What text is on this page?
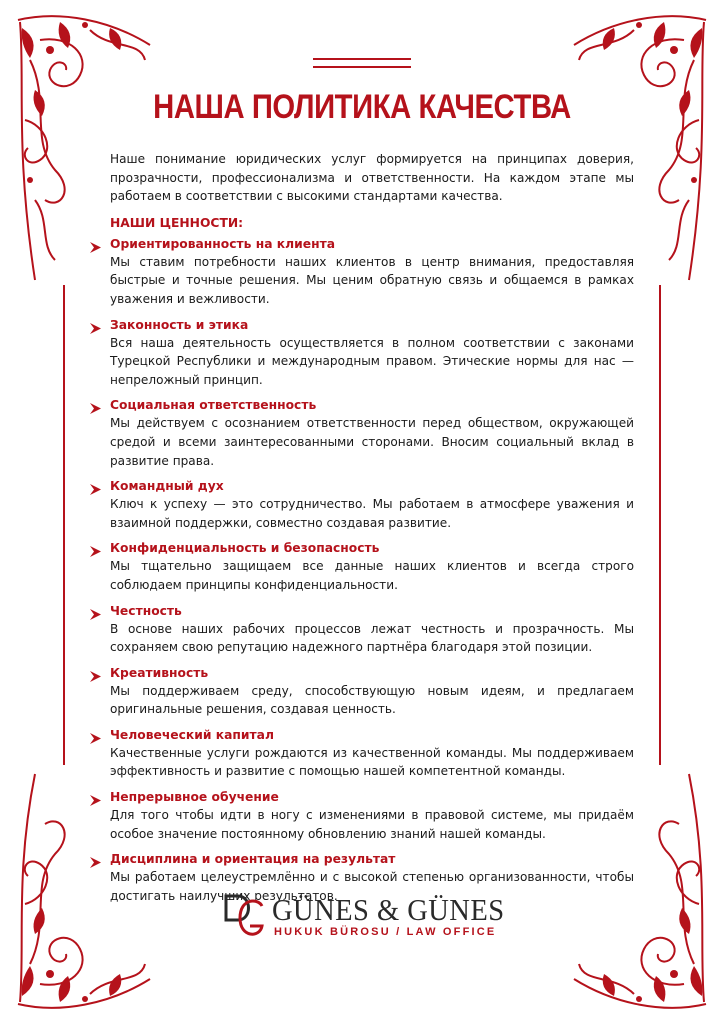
НАША ПОЛИТИКА КАЧЕСТВА

Наше понимание юридических услуг формируется на принципах доверия, прозрачности, профессионализма и ответственности. На каждом этапе мы работаем в соответствии с высокими стандартами качества.

НАШИ ЦЕННОСТИ:

Ориентированность на клиента

Мы ставим потребности наших клиентов в центр внимания, предоставляя быстрые и точные решения. Мы ценим обратную связь и общаемся в рамках уважения и вежливости.

Законность и этика

Вся наша деятельность осуществляется в полном соответствии с законами Турецкой Республики и международным правом. Этические нормы для нас — непреложный принцип.

Социальная ответственность

Мы действуем с осознанием ответственности перед обществом, окружающей средой и всеми заинтересованными сторонами. Вносим социальный вклад в развитие права.

Командный дух

Ключ к успеху — это сотрудничество. Мы работаем в атмосфере уважения и взаимной поддержки, совместно создавая развитие.

Конфиденциальность и безопасность

Мы тщательно защищаем все данные наших клиентов и всегда строго соблюдаем принципы конфиденциальности.

Честность

В основе наших рабочих процессов лежат честность и прозрачность. Мы сохраняем свою репутацию надежного партнёра благодаря этой позиции.

Креативность

Мы поддерживаем среду, способствующую новым идеям, и предлагаем оригинальные решения, создавая ценность.

Человеческий капитал

Качественные услуги рождаются из качественной команды. Мы поддерживаем эффективность и развитие с помощью нашей компетентной команды.

Непрерывное обучение

Для того чтобы идти в ногу с изменениями в правовой системе, мы придаём особое значение постоянному обновлению знаний нашей команды.

Дисциплина и ориентация на результат

Мы работаем целеустремлённо и с высокой степенью организованности, чтобы достигать наилучших результатов.

GÜNES & GÜNES
HUKUK BÜROSU / LAW OFFICE
